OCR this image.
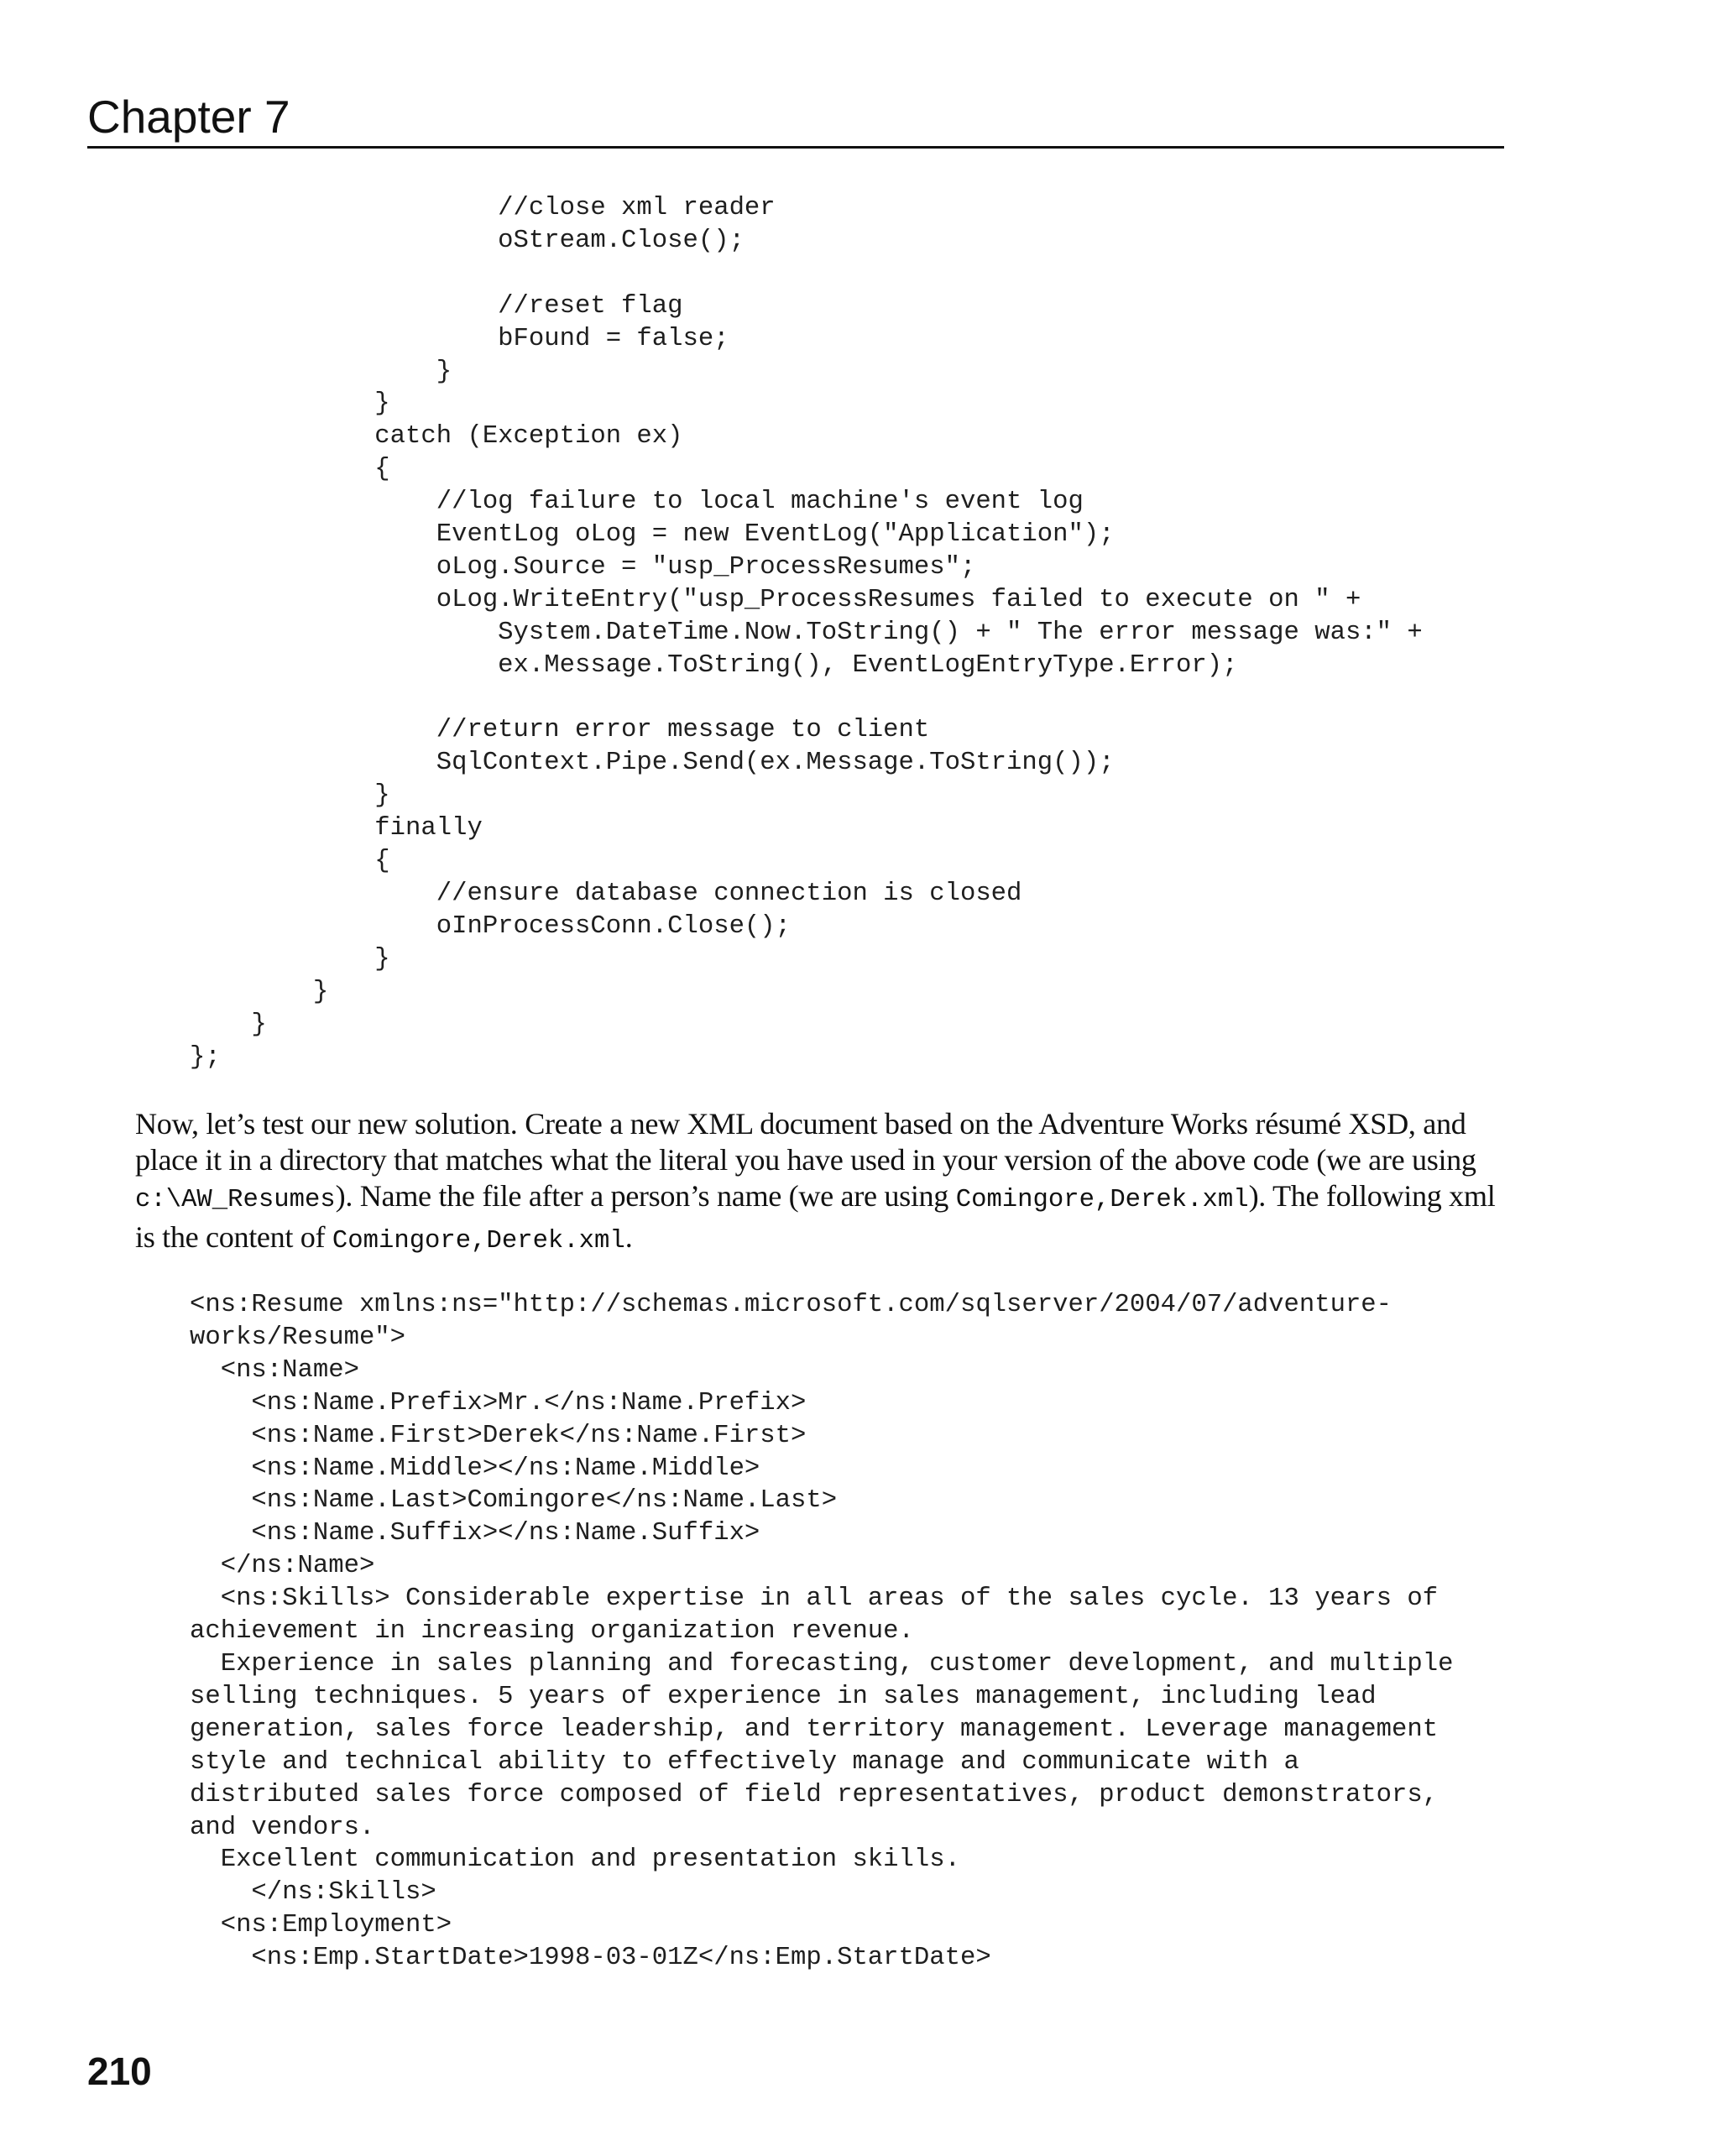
Chapter 7
//close xml reader
oStream.Close();
//reset flag
bFound = false;
}
}
catch (Exception ex)
{
//log failure to local machine's event log
EventLog oLog = new EventLog("Application");
oLog.Source = "usp_ProcessResumes";
oLog.WriteEntry("usp_ProcessResumes failed to execute on " +
System.DateTime.Now.ToString() + " The error message was:" +
ex.Message.ToString(), EventLogEntryType.Error);
//return error message to client
SqlContext.Pipe.Send(ex.Message.ToString());
}
finally
{
//ensure database connection is closed
oInProcessConn.Close();
}
}
}
};

Now, let’s test our new solution. Create a new XML document based on the Adventure Works résumé XSD, and place it in a directory that matches what the literal you have used in your version of the above code (we are using c:\AW_Resumes). Name the file after a person’s name (we are using Comingore,Derek.xml). The following xml is the content of Comingore,Derek.xml.

<ns:Resume xmlns:ns="http://schemas.microsoft.com/sqlserver/2004/07/adventure-
works/Resume">
<ns:Name>
<ns:Name.Prefix>Mr.</ns:Name.Prefix>
<ns:Name.First>Derek</ns:Name.First>
<ns:Name.Middle></ns:Name.Middle>
<ns:Name.Last>Comingore</ns:Name.Last>
<ns:Name.Suffix></ns:Name.Suffix>
</ns:Name>
<ns:Skills> Considerable expertise in all areas of the sales cycle. 13 years of
achievement in increasing organization revenue.
Experience in sales planning and forecasting, customer development, and multiple
selling techniques. 5 years of experience in sales management, including lead
generation, sales force leadership, and territory management. Leverage management
style and technical ability to effectively manage and communicate with a
distributed sales force composed of field representatives, product demonstrators,
and vendors.
Excellent communication and presentation skills.
</ns:Skills>
<ns:Employment>
<ns:Emp.StartDate>1998-03-01Z</ns:Emp.StartDate>

210
